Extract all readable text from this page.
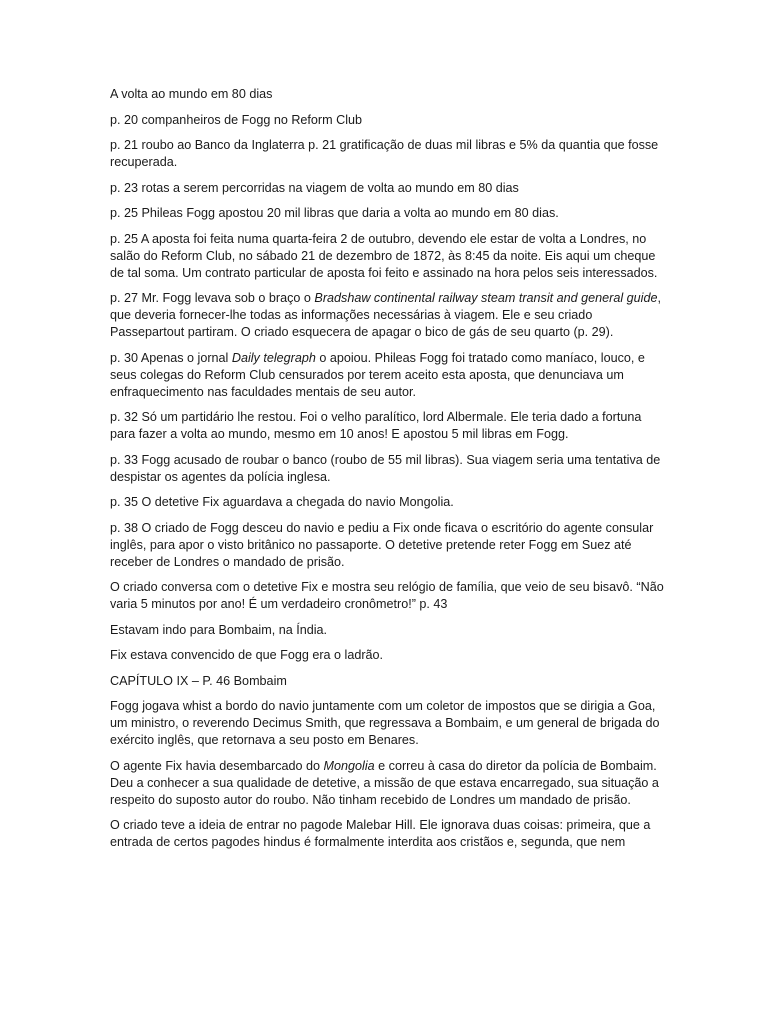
A volta ao mundo em 80 dias

p. 20 companheiros de Fogg no Reform Club

p. 21 roubo ao Banco da Inglaterra p. 21 gratificação de duas mil libras e 5% da quantia que fosse recuperada.

p. 23 rotas a serem percorridas na viagem de volta ao mundo em 80 dias

p. 25 Phileas Fogg apostou 20 mil libras que daria a volta ao mundo em 80 dias.

p. 25 A aposta foi feita numa quarta-feira 2 de outubro, devendo ele estar de volta a Londres, no salão do Reform Club, no sábado 21 de dezembro de 1872, às 8:45 da noite. Eis aqui um cheque de tal soma. Um contrato particular de aposta foi feito e assinado na hora pelos seis interessados.

p. 27 Mr. Fogg levava sob o braço o Bradshaw continental railway steam transit and general guide, que deveria fornecer-lhe todas as informações necessárias à viagem. Ele e seu criado Passepartout partiram. O criado esquecera de apagar o bico de gás de seu quarto (p. 29).

p. 30 Apenas o jornal Daily telegraph o apoiou. Phileas Fogg foi tratado como maníaco, louco, e seus colegas do Reform Club censurados por terem aceito esta aposta, que denunciava um enfraquecimento nas faculdades mentais de seu autor.

p. 32 Só um partidário lhe restou. Foi o velho paralítico, lord Albermale. Ele teria dado a fortuna para fazer a volta ao mundo, mesmo em 10 anos! E apostou 5 mil libras em Fogg.

p. 33 Fogg acusado de roubar o banco (roubo de 55 mil libras). Sua viagem seria uma tentativa de despistar os agentes da polícia inglesa.

p. 35 O detetive Fix aguardava a chegada do navio Mongolia.

p. 38 O criado de Fogg desceu do navio e pediu a Fix onde ficava o escritório do agente consular inglês, para apor o visto britânico no passaporte. O detetive pretende reter Fogg em Suez até receber de Londres o mandado de prisão.

O criado conversa com o detetive Fix e mostra seu relógio de família, que veio de seu bisavô. “Não varia 5 minutos por ano! É um verdadeiro cronômetro!” p. 43

Estavam indo para Bombaim, na Índia.

Fix estava convencido de que Fogg era o ladrão.

CAPÍTULO IX – P. 46 Bombaim

Fogg jogava whist a bordo do navio juntamente com um coletor de impostos que se dirigia a Goa, um ministro, o reverendo Decimus Smith, que regressava a Bombaim, e um general de brigada do exército inglês, que retornava a seu posto em Benares.

O agente Fix havia desembarcado do Mongolia e correu à casa do diretor da polícia de Bombaim. Deu a conhecer a sua qualidade de detetive, a missão de que estava encarregado, sua situação a respeito do suposto autor do roubo. Não tinham recebido de Londres um mandado de prisão.

O criado teve a ideia de entrar no pagode Malebar Hill. Ele ignorava duas coisas: primeira, que a entrada de certos pagodes hindus é formalmente interdita aos cristãos e, segunda, que nem
